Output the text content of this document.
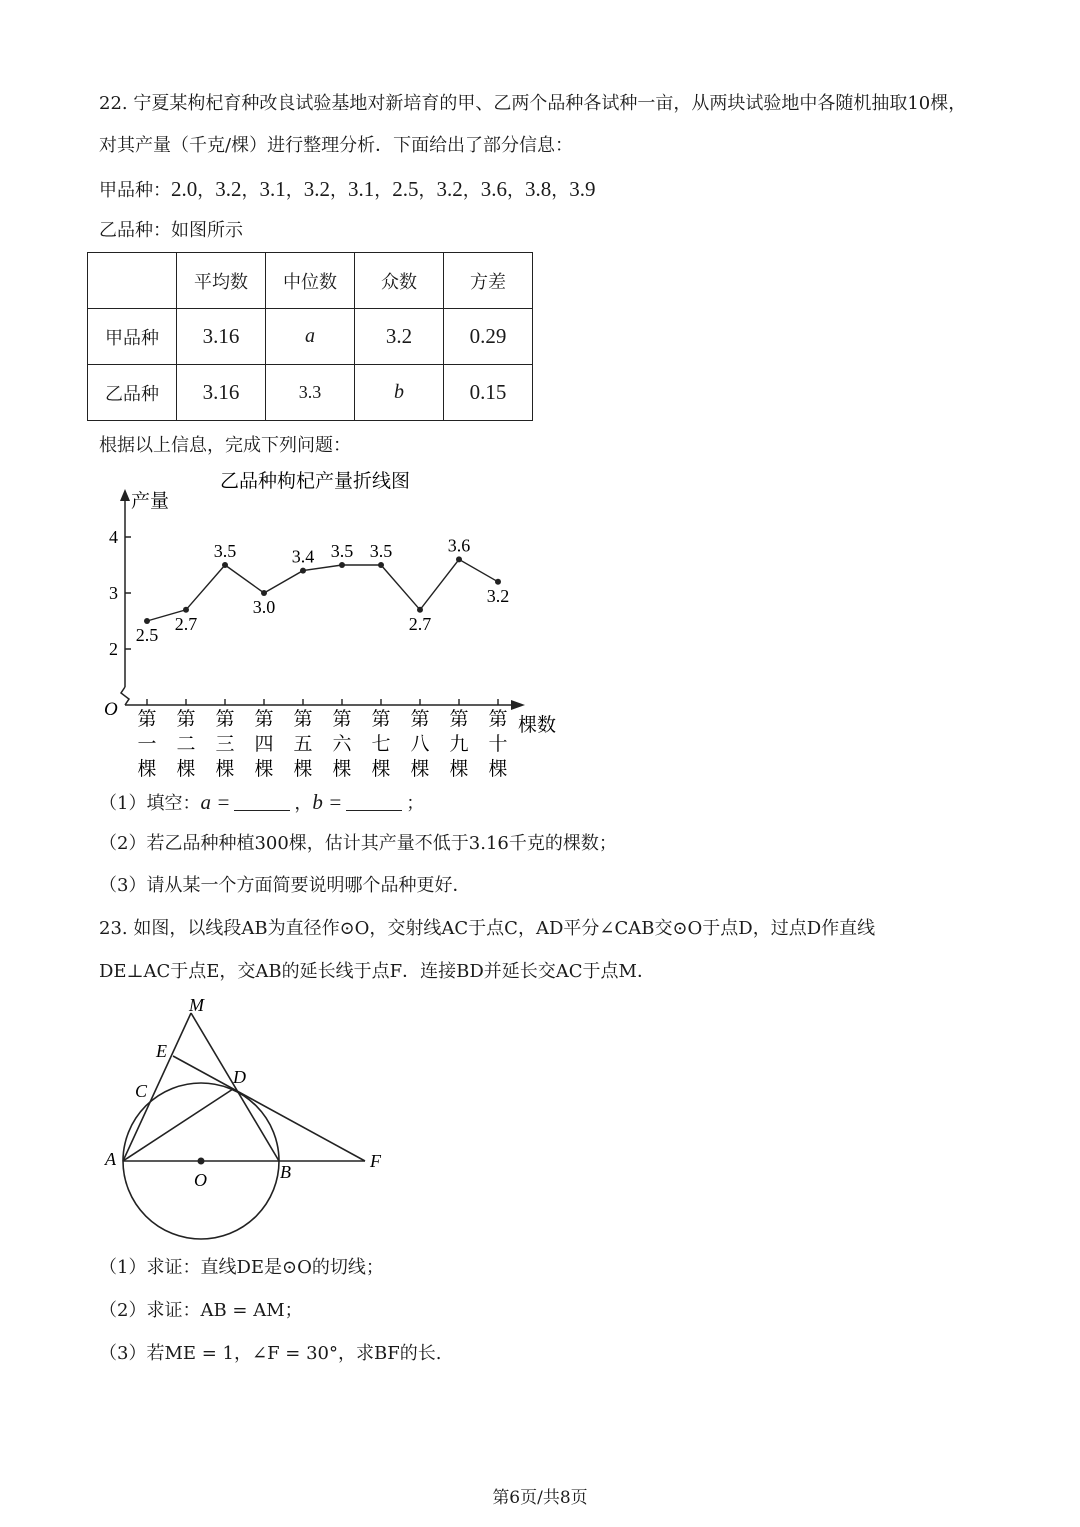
22. 宁夏某枸杞育种改良试验基地对新培育的甲、乙两个品种各试种一亩，从两块试验地中各随机抽取10棵，
对其产量（千克/棵）进行整理分析．下面给出了部分信息：
甲品种：2.0，3.2，3.1，3.2，3.1，2.5，3.2，3.6，3.8，3.9
乙品种：如图所示
	平均数	中位数	众数	方差
甲品种	3.16	a	3.2	0.29
乙品种	3.16	3.3	b	0.15
根据以上信息，完成下列问题：
乙品种枸杞产量折线图
产量
棵数
O
2
3
4
2.5
第
一
棵
2.7
第
二
棵
3.5
第
三
棵
3.0
第
四
棵
3.4
第
五
棵
3.5
第
六
棵
3.5
第
七
棵
2.7
第
八
棵
3.6
第
九
棵
3.2
第
十
棵
（1）填空：a =	，b =	；
（2）若乙品种种植300棵，估计其产量不低于3.16千克的棵数；
（3）请从某一个方面简要说明哪个品种更好．
23. 如图，以线段AB为直径作⊙O，交射线AC于点C，AD平分∠CAB交⊙O于点D，过点D作直线
DE⊥AC于点E，交AB的延长线于点F．连接BD并延长交AC于点M．
M
E
C
D
A
O	B
F
（1）求证：直线DE是⊙O的切线；
（2）求证：AB = AM；
（3）若ME = 1，∠F = 30°，求BF的长.
第6页/共8页
